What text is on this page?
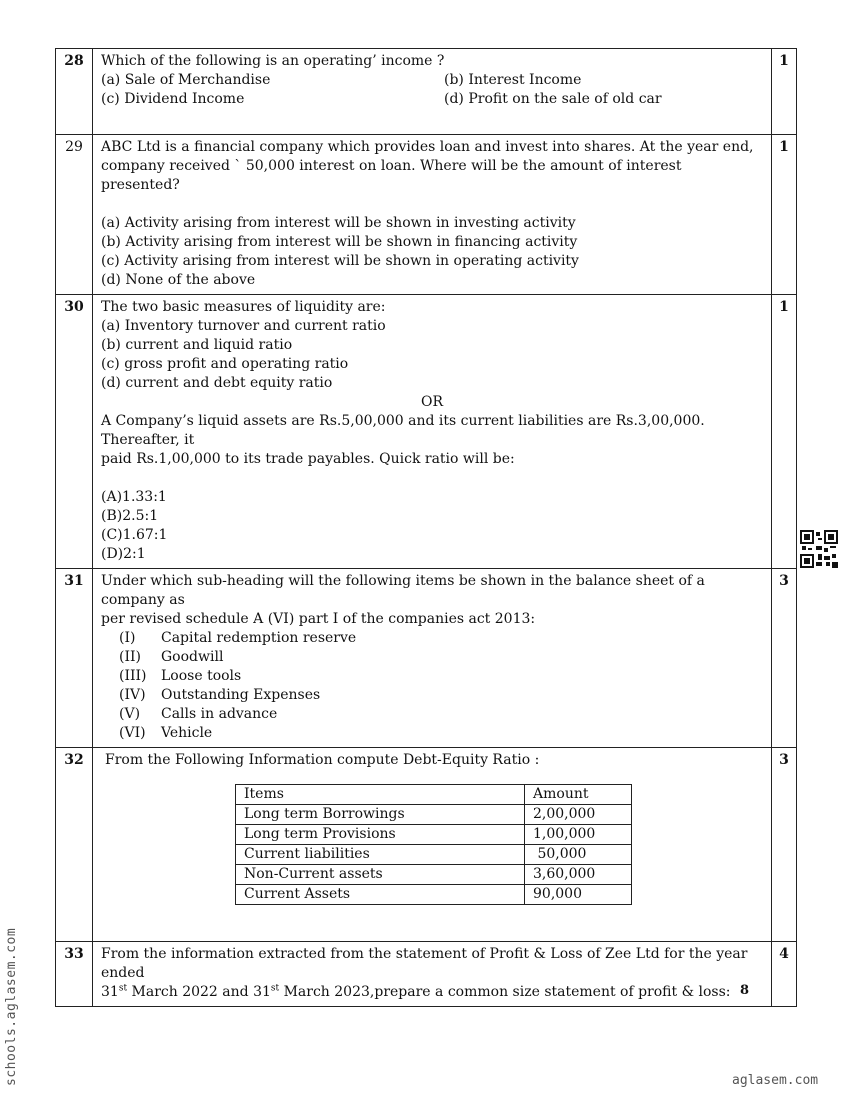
28	Which of the following is an operating’ income ?
(a) Sale of Merchandise	(b) Interest Income
(c) Dividend Income	(d) Profit on the sale of old car
	1
29	ABC Ltd is a financial company which provides loan and invest into shares. At the year end,
company received ` 50,000 interest on loan. Where will be the amount of interest presented?
(a) Activity arising from interest will be shown in investing activity
(b) Activity arising from interest will be shown in financing activity
(c) Activity arising from interest will be shown in operating activity
(d) None of the above
	1
30	The two basic measures of liquidity are:
(a) Inventory turnover and current ratio
(b) current and liquid ratio
(c) gross profit and operating ratio
(d) current and debt equity ratio
OR
A Company’s liquid assets are Rs.5,00,000 and its current liabilities are Rs.3,00,000. Thereafter, it
paid Rs.1,00,000 to its trade payables. Quick ratio will be:
(A)1.33:1
(B)2.5:1
(C)1.67:1
(D)2:1
	1
31	Under which sub-heading will the following items be shown in the balance sheet of a company as
per revised schedule A (VI) part I of the companies act 2013:
(I)	Capital redemption reserve
(II)	Goodwill
(III)	Loose tools
(IV)	Outstanding Expenses
(V)	Calls in advance
(VI)	Vehicle
	3
32	From the Following Information compute Debt-Equity Ratio :
Items	Amount
Long term Borrowings	2,00,000
Long term Provisions	1,00,000
Current liabilities	50,000
Non-Current assets	3,60,000
Current Assets	90,000
	3
33	From the information extracted from the statement of Profit & Loss of Zee Ltd for the year ended
31st March 2022 and 31st March 2023,prepare a common size statement of profit & loss:
	4
8
schools.aglasem.com	aglasem.com
